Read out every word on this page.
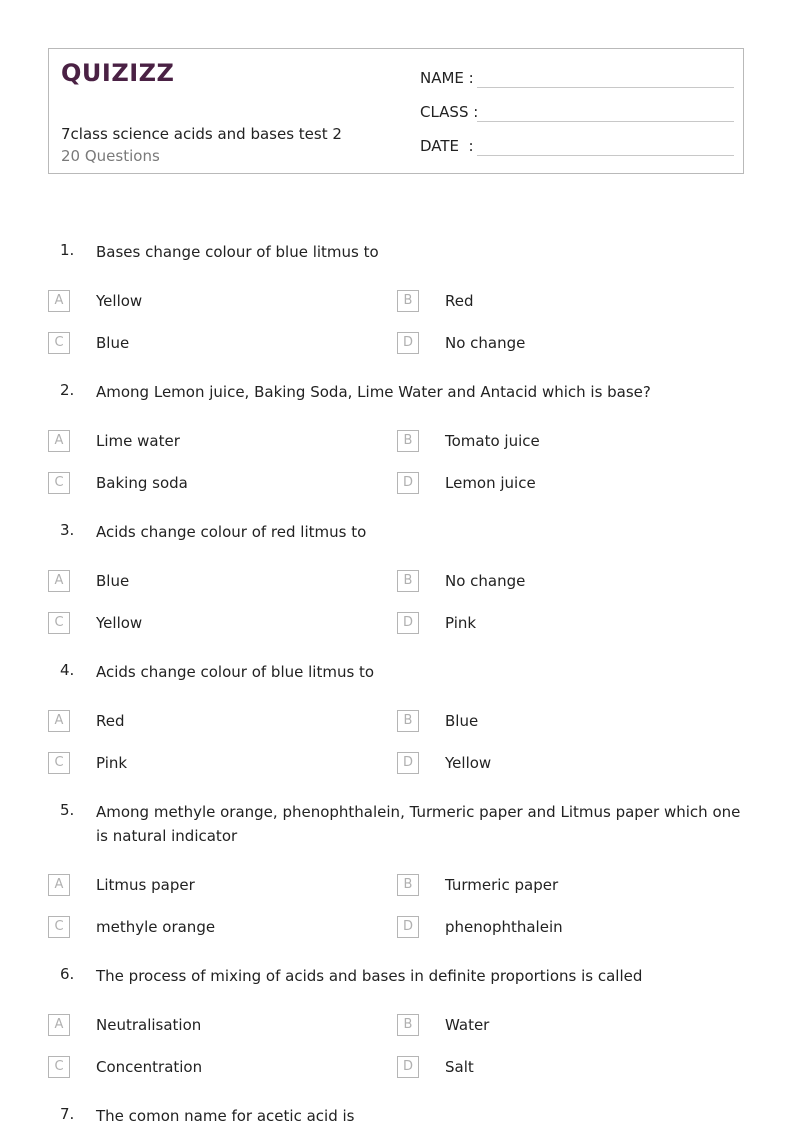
QUIZIZZ
7class science acids and bases test 2
20 Questions
NAME :
CLASS :
DATE  :
1. Bases change colour of blue litmus to
A	Yellow	B	Red
C	Blue	D	No change
2. Among Lemon juice, Baking Soda, Lime Water and Antacid which is base?
A	Lime water	B	Tomato juice
C	Baking soda	D	Lemon juice
3. Acids change colour of red litmus to
A	Blue	B	No change
C	Yellow	D	Pink
4. Acids change colour of blue litmus to
A	Red	B	Blue
C	Pink	D	Yellow
5. Among methyle orange, phenophthalein, Turmeric paper and Litmus paper which one is natural indicator
A	Litmus paper	B	Turmeric paper
C	methyle orange	D	phenophthalein
6. The process of mixing of acids and bases in definite proportions is called
A	Neutralisation	B	Water
C	Concentration	D	Salt
7. The comon name for acetic acid is
